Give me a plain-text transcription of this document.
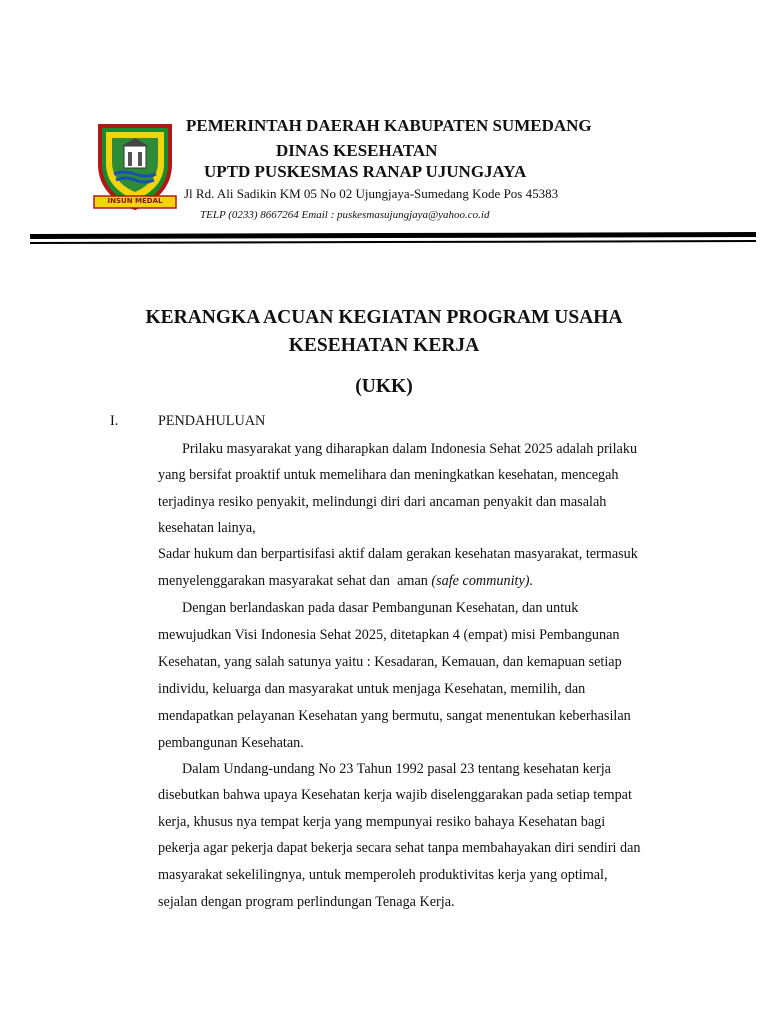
INSUN MEDAL
PEMERINTAH DAERAH KABUPATEN SUMEDANG
DINAS KESEHATAN
UPTD PUSKESMAS RANAP UJUNGJAYA
Jl Rd. Ali Sadikin KM 05 No 02 Ujungjaya-Sumedang Kode Pos 45383
TELP (0233) 8667264 Email : puskesmasujungjaya@yahoo.co.id
KERANGKA ACUAN KEGIATAN PROGRAM USAHA
KESEHATAN KERJA
(UKK)
I.	PENDAHULUAN
Prilaku masyarakat yang diharapkan dalam Indonesia Sehat 2025 adalah prilaku
yang bersifat proaktif untuk memelihara dan meningkatkan kesehatan, mencegah
terjadinya resiko penyakit, melindungi diri dari ancaman penyakit dan masalah
kesehatan lainya,
Sadar hukum dan berpartisifasi aktif dalam gerakan kesehatan masyarakat, termasuk
menyelenggarakan masyarakat sehat dan  aman (safe community).
Dengan berlandaskan pada dasar Pembangunan Kesehatan, dan untuk
mewujudkan Visi Indonesia Sehat 2025, ditetapkan 4 (empat) misi Pembangunan
Kesehatan, yang salah satunya yaitu : Kesadaran, Kemauan, dan kemapuan setiap
individu, keluarga dan masyarakat untuk menjaga Kesehatan, memilih, dan
mendapatkan pelayanan Kesehatan yang bermutu, sangat menentukan keberhasilan
pembangunan Kesehatan.
Dalam Undang-undang No 23 Tahun 1992 pasal 23 tentang kesehatan kerja
disebutkan bahwa upaya Kesehatan kerja wajib diselenggarakan pada setiap tempat
kerja, khusus nya tempat kerja yang mempunyai resiko bahaya Kesehatan bagi
pekerja agar pekerja dapat bekerja secara sehat tanpa membahayakan diri sendiri dan
masyarakat sekelilingnya, untuk memperoleh produktivitas kerja yang optimal,
sejalan dengan program perlindungan Tenaga Kerja.
